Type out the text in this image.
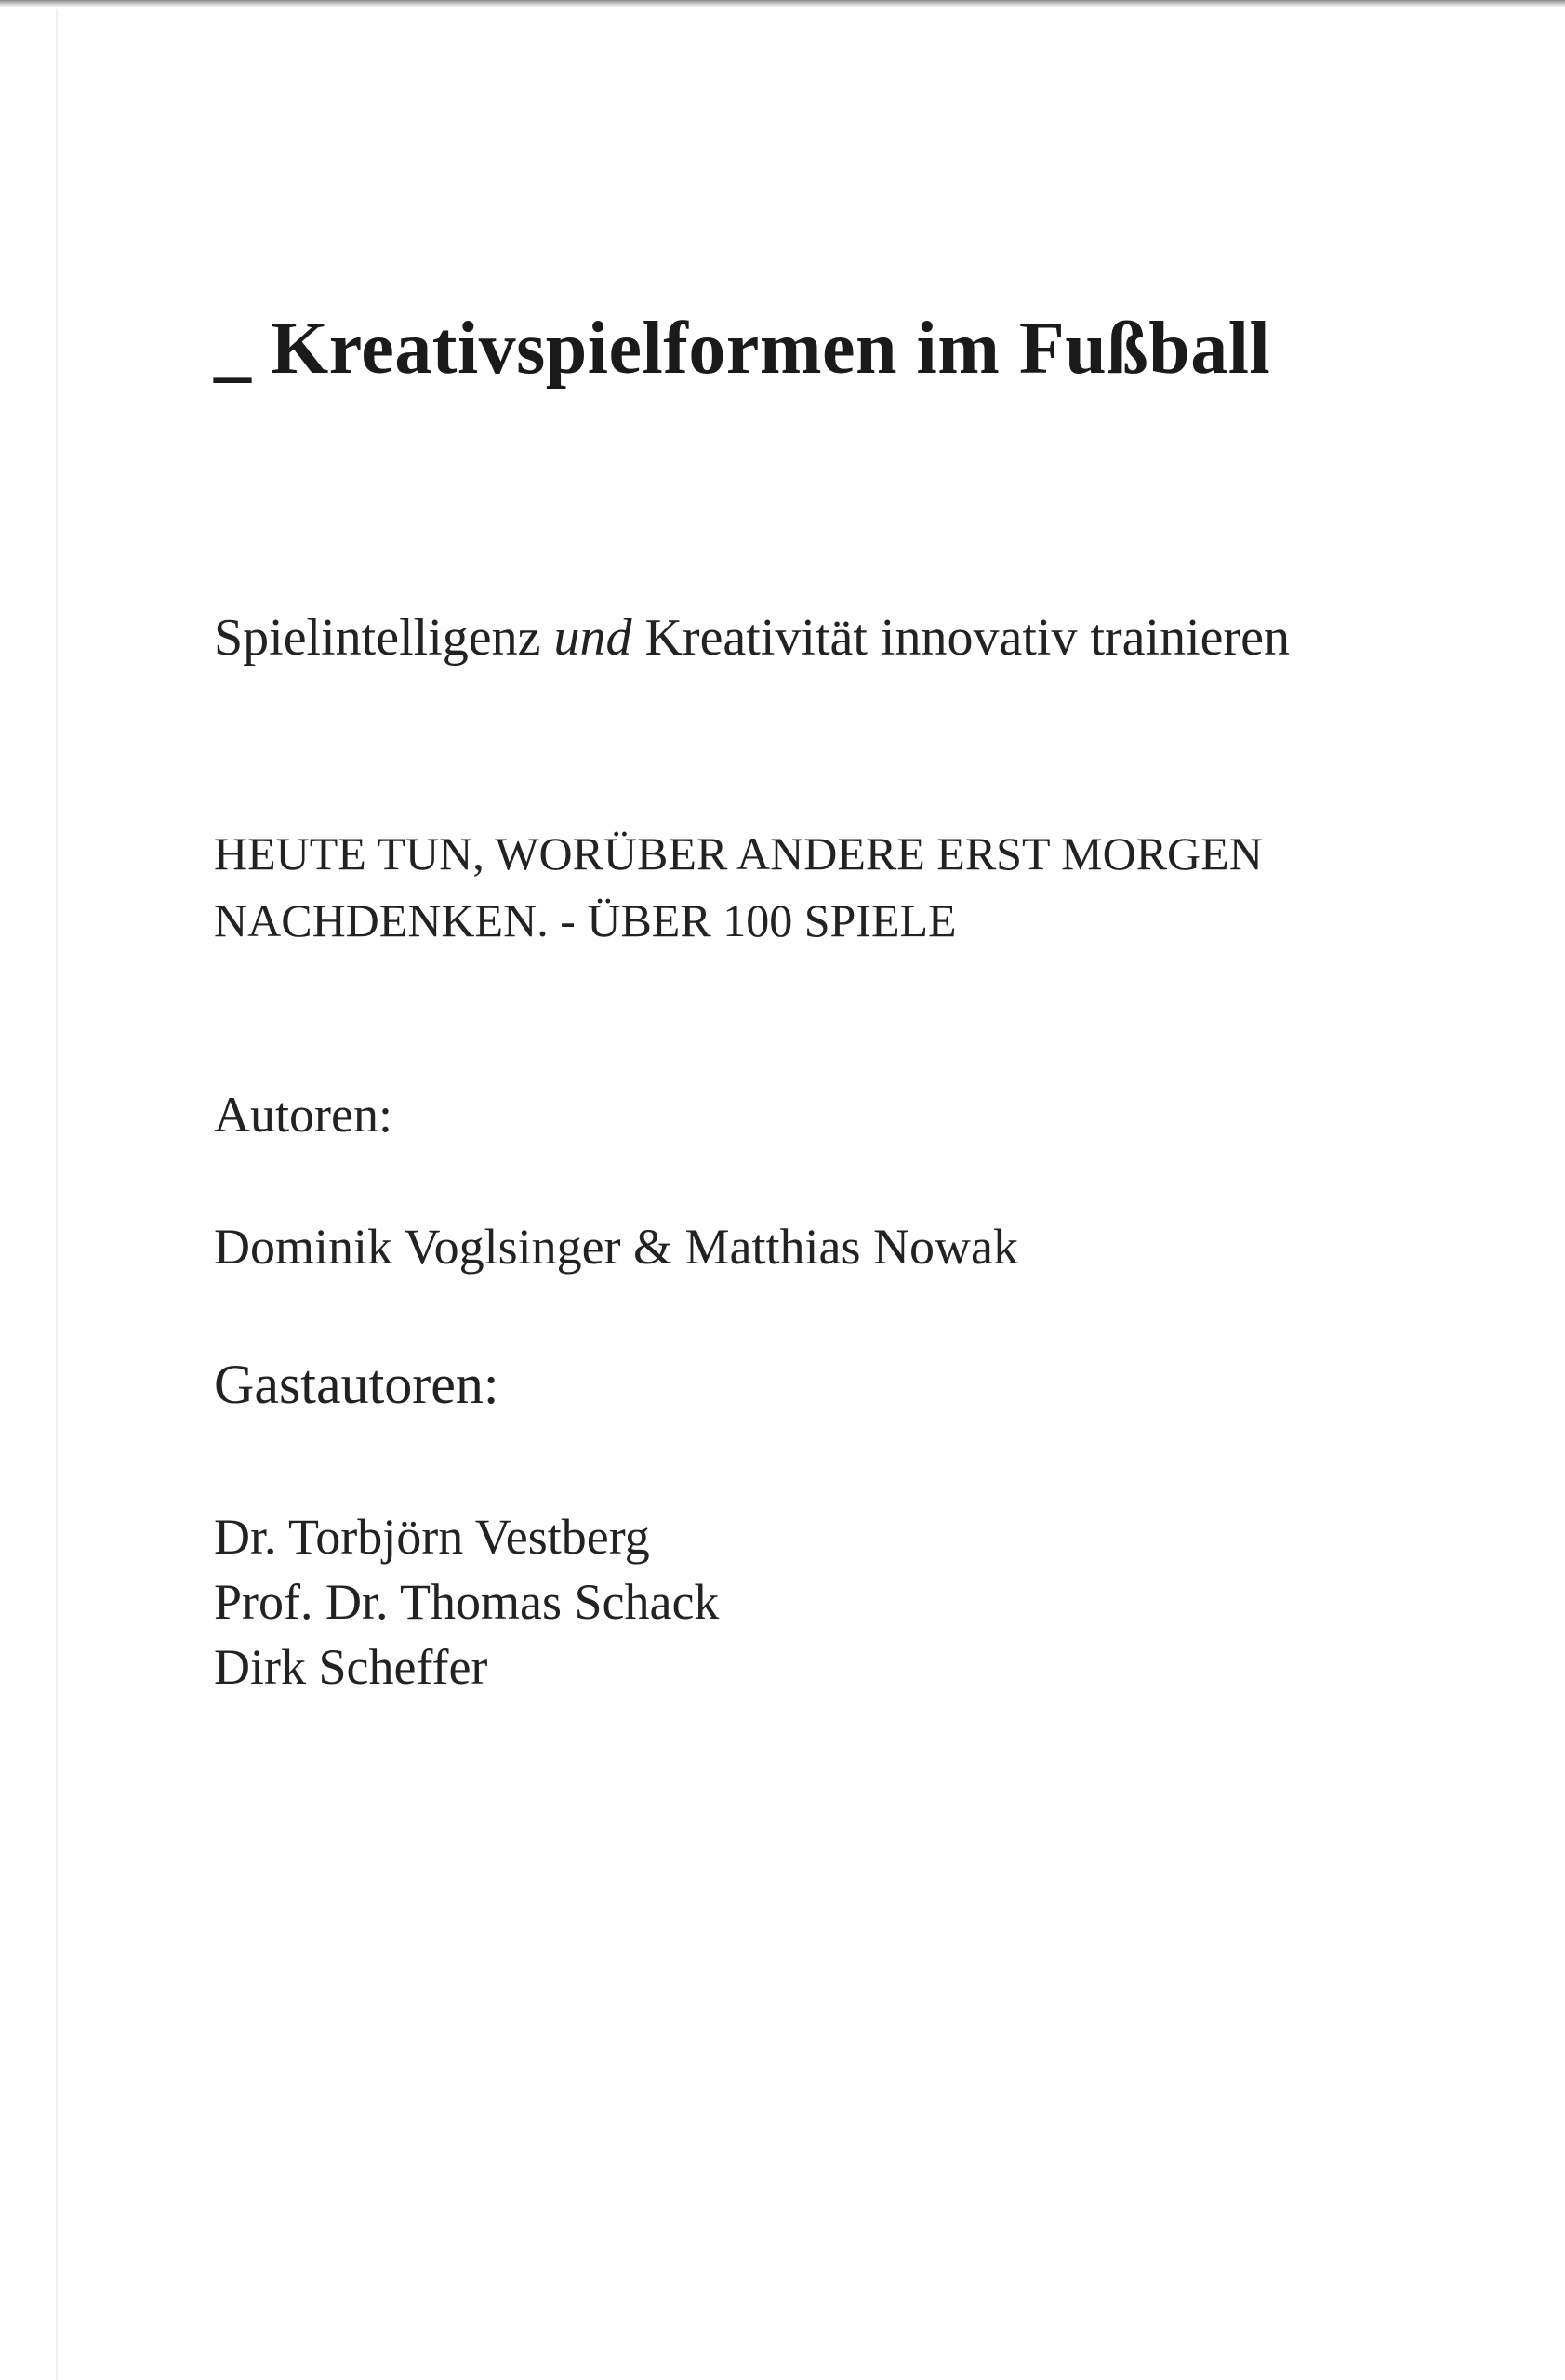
_ Kreativspielformen im Fußball

Spielintelligenz und Kreativität innovativ trainieren

HEUTE TUN, WORÜBER ANDERE ERST MORGEN NACHDENKEN. - ÜBER 100 SPIELE

Autoren:

Dominik Voglsinger & Matthias Nowak

Gastautoren:

Dr. Torbjörn Vestberg
Prof. Dr. Thomas Schack
Dirk Scheffer
